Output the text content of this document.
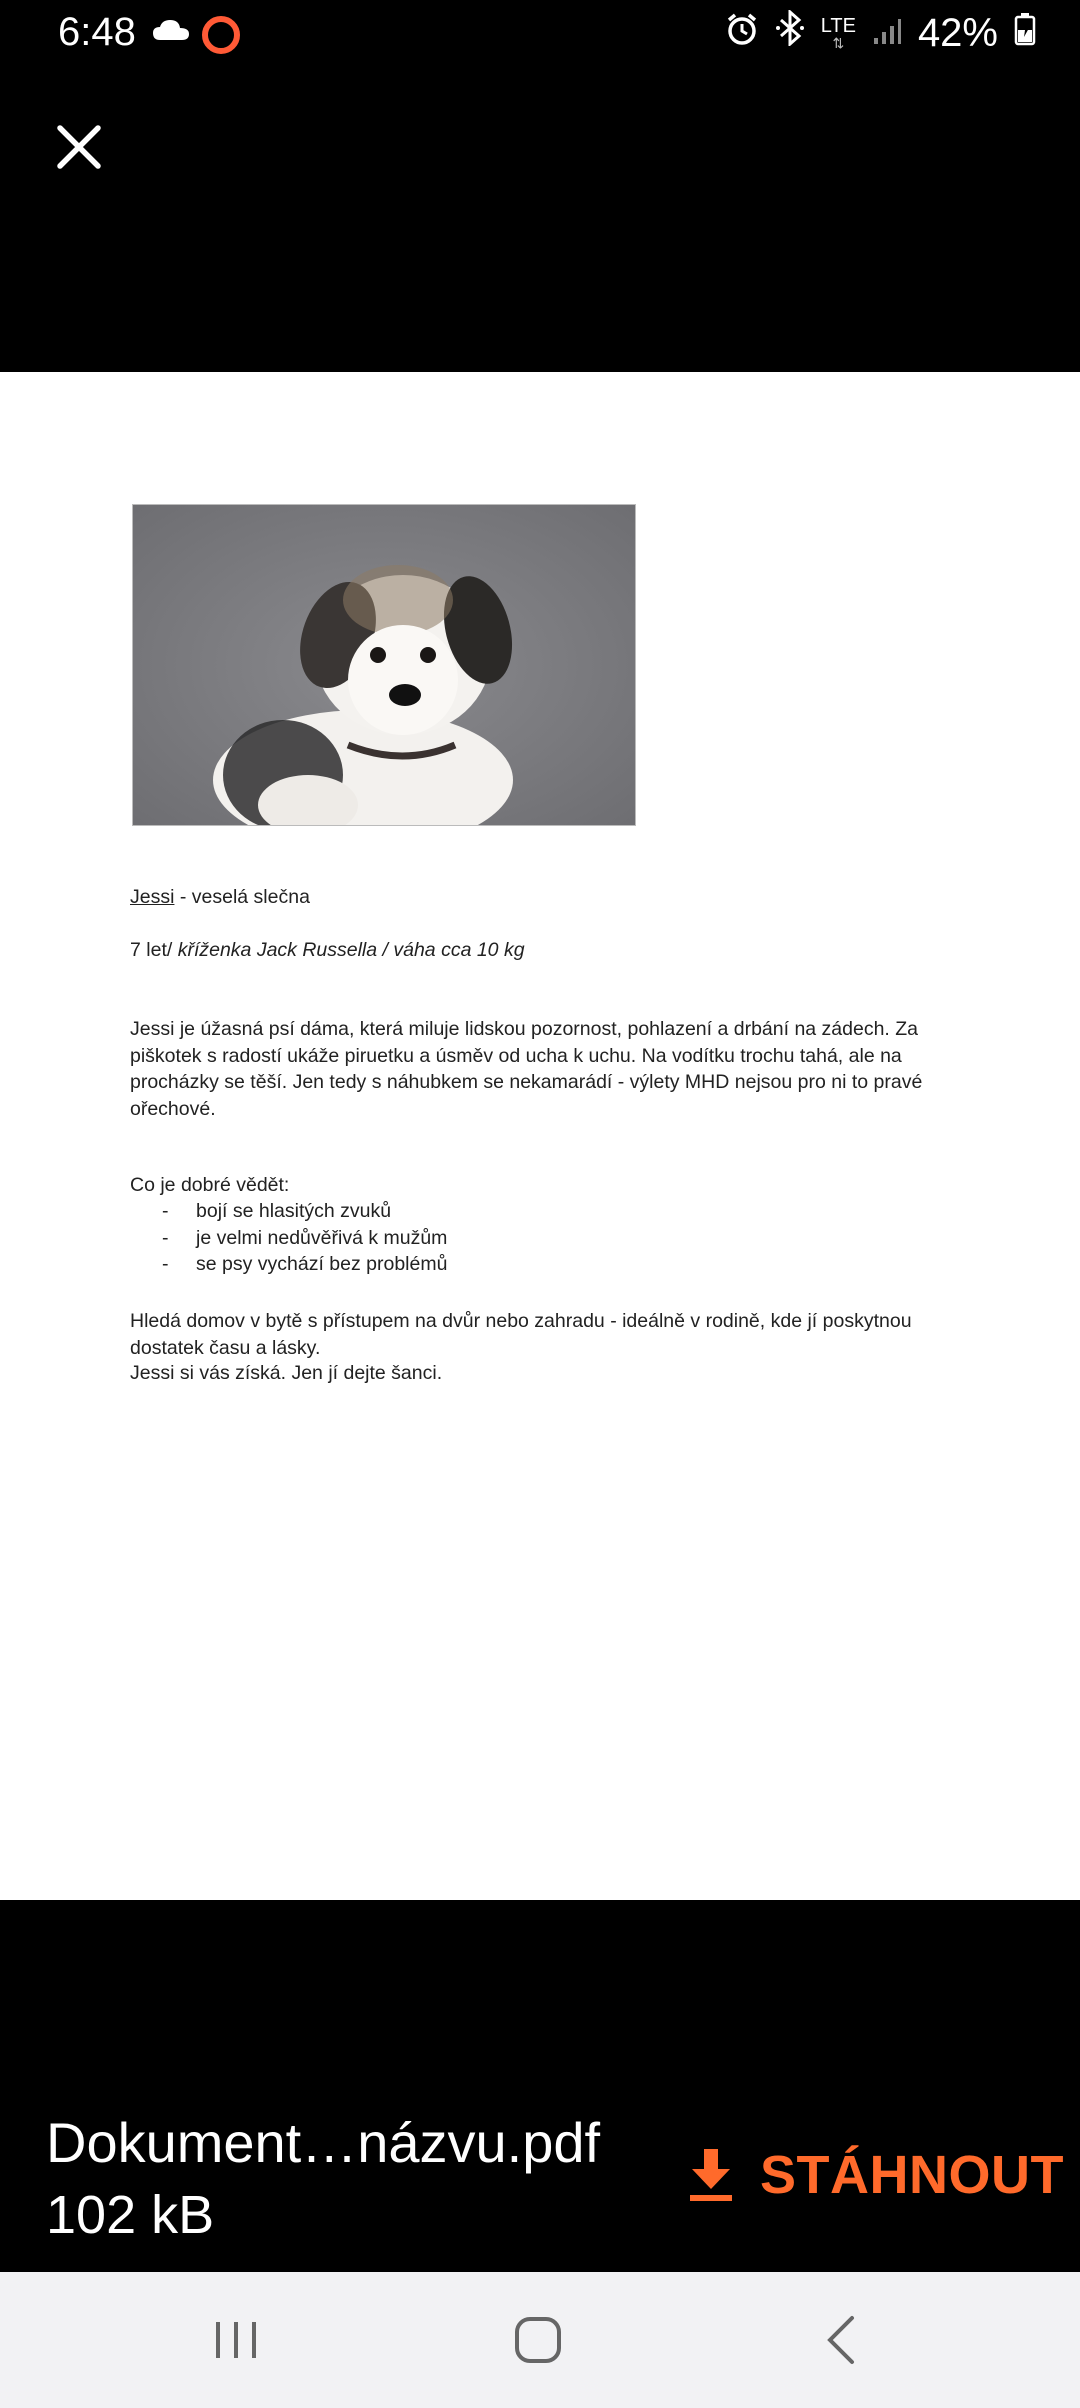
6:48	LTE
⇅ 42%
Jessi - veselá slečna
7 let/ kříženka Jack Russella / váha cca 10 kg
Jessi je úžasná psí dáma, která miluje lidskou pozornost, pohlazení a drbání na zádech. Za piškotek s radostí ukáže piruetku a úsměv od ucha k uchu. Na vodítku trochu tahá, ale na procházky se těší. Jen tedy s náhubkem se nekamarádí - výlety MHD nejsou pro ni to pravé ořechové.
Co je dobré vědět:
-	bojí se hlasitých zvuků
-	je velmi nedůvěřivá k mužům
-	se psy vychází bez problémů
Hledá domov v bytě s přístupem na dvůr nebo zahradu - ideálně v rodině, kde jí poskytnou dostatek času a lásky.
Jessi si vás získá. Jen jí dejte šanci.
Dokument…názvu.pdf
102 kB
STÁHNOUT
